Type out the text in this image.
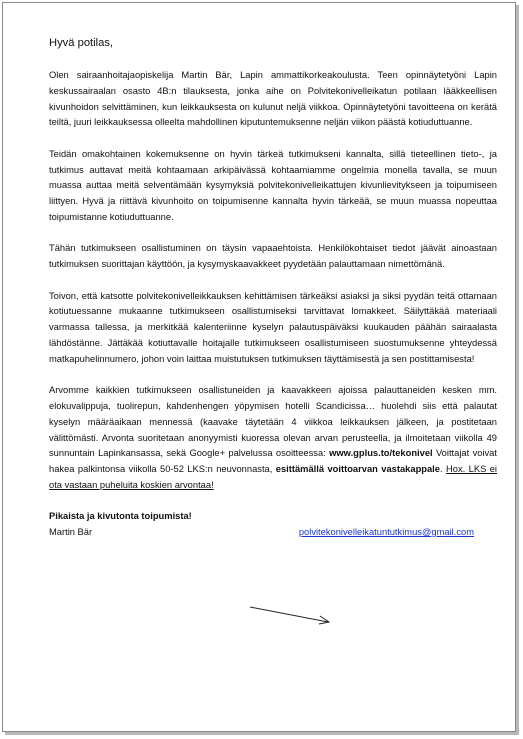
Hyvä potilas,

Olen sairaanhoitajaopiskelija Martin Bär, Lapin ammattikorkeakoulusta. Teen opinnäytetyöni Lapin keskussairaalan osasto 4B:n tilauksesta, jonka aihe on Polvitekonivelleikatun potilaan lääkkeellisen kivunhoidon selvittäminen, kun leikkauksesta on kulunut neljä viikkoa. Opinnäytetyöni tavoitteena on kerätä teiltä, juuri leikkauksessa olleelta mahdollinen kiputuntemuksenne neljän viikon päästä kotiuduttuanne.

Teidän omakohtainen kokemuksenne on hyvin tärkeä tutkimukseni kannalta, sillä tieteellinen tieto-, ja tutkimus auttavat meitä kohtaamaan arkipäivässä kohtaamiamme ongelmia monella tavalla, se muun muassa auttaa meitä selventämään kysymyksiä polvitekonivelleikattujen kivunlievitykseen ja toipumiseen liittyen. Hyvä ja riittävä kivunhoito on toipumisenne kannalta hyvin tärkeää, se muun muassa nopeuttaa toipumistanne kotiuduttuanne.

Tähän tutkimukseen osallistuminen on täysin vapaaehtoista. Henkilökohtaiset tiedot jäävät ainoastaan tutkimuksen suorittajan käyttöön, ja kysymyskaavakkeet pyydetään palauttamaan nimettömänä.

Toivon, että katsotte polvitekonivelleikkauksen kehittämisen tärkeäksi asiaksi ja siksi pyydän teitä ottamaan kotiutuessanne mukaanne tutkimukseen osallistumiseksi tarvittavat lomakkeet. Säilyttäkää materiaali varmassa tallessa, ja merkitkää kalenteriinne kyselyn palautuspäiväksi kuukauden päähän sairaalasta lähdöstänne. Jättäkää kotiuttavalle hoitajalle tutkimukseen osallistumiseen suostumuksenne yhteydessä matkapuhelinnumero, johon voin laittaa muistutuksen tutkimuksen täyttämisestä ja sen postittamisesta!

Arvomme kaikkien tutkimukseen osallistuneiden ja kaavakkeen ajoissa palauttaneiden kesken mm. elokuvalippuja, tuolirepun, kahdenhengen yöpymisen hotelli Scandicissa… huolehdi siis että palautat kyselyn määräaikaan mennessä (kaavake täytetään 4 viikkoa leikkauksen jälkeen, ja postitetaan välittömästi. Arvonta suoritetaan anonyymisti kuoressa olevan arvan perusteella, ja ilmoitetaan viikolla 49 sunnuntain Lapinkansassa, sekä Google+ palvelussa osoitteessa: www.gplus.to/tekonivel Voittajat voivat hakea palkintonsa viikolla 50-52 LKS:n neuvonnasta, esittämällä voittoarvan vastakappale. Hox. LKS ei ota vastaan puheluita koskien arvontaa!

Pikaista ja kivutonta toipumista!

Martin Bär	polvitekonivelleikatuntutkimus@gmail.com
